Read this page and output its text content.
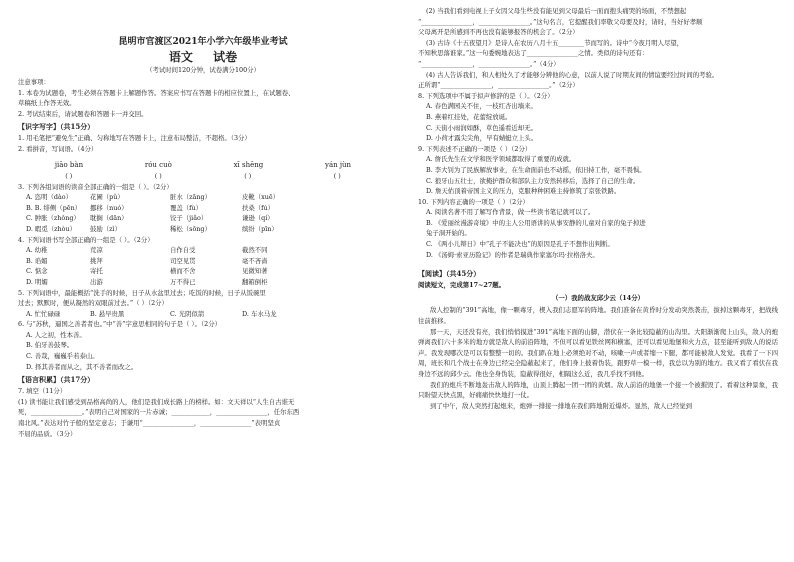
昆明市官渡区2021年小学六年级毕业考试
语文 试卷
（考试时间120分钟，试卷满分100分）
注意事项：
1. 本卷为试题卷，考生必须在答题卡上解题作答。答案应书写在答题卡的相应位置上，在试题卷、
草稿纸上作答无效。
2. 考试结束后，请试题卷和答题卡一并交回。
【识字写字】（共15分）
1. 用毛笔把“避免生”正确、匀称地写在答题卡上，注意布局整洁，不超格。（3分）
2. 看拼音，写词语。（4分）
jiāo bàn	róu cuò	xī shēng	yán jùn
( )	( )	( )	( )
3. 下列各组词语的读音全部正确的一组是（ ）。（2分）
A. 恣明（dào）	花圃（pǔ）	脏水（zāng）	皮靴（xuē）
B. B. 绯侧（pēn）	挪移（nuó）	覆盖（fù）	扶桑（fú）
C. 肿胀（zhǒng）	耽搁（dān）	饺子（jiǎo）	谦逊（qí）
D. 暇觅（zhòu）	鼓励（zì）	稀松（sōng）	缤纷（pīn）
4. 下列词语书写全部正确的一组是（ ）。（2分）
A. 幼稚	荒凉	自作自受	截然不同
B. 谄媚	挑拜	司空见贯	毫不吝啬
C. 惦念	寄托	横而不舍	见微知著
D. 明媚	出游	万不得已	翻箱倒柜
5. 下列词语中，最能概括“洗手的时候，日子从水盆里过去；吃饭的时候，日子从饭碗里
过去；默默时，便从凝然的双眼前过去。”（ ）（2分）
A. 忙忙碌碌	B. 悬早贵黑	C. 光阴似箭	D. 车水马龙
6. 与“苏秋，逼国之善者者也。”中“善”字意思相同的句子是（ ）。（2分）
A. 人之初，性本善。
B. 伯牙善鼓琴。
C. 善哉，巍巍乎若泰山。
D. 择其善者而从之，其不善者而改之。
【语言积累】（共17分）
7. 填空（11分）
(1) 读书能让我们感受到品格高尚的人，他们是我们成长路上的榜样。如：文天祥以“人生自古谁无
死，________________。”表明自己对国家的一片赤诚；____________，________________，任尔东西
南北风。”表达对竹子般的坚定意志；于谦用“________________，________________”表明坚贞
不屈的品质。（3分）
(2) 当我们看到电视上子女因父母生些没有能见到父母最后一面而抱头痛哭的场面，不禁想起
“________________，________________。”这句名言，它提醒我们率敬父母要及时，请时，当好好孝顺
父母离开是所感到不再也没有能够报答的机会了。（2分）
(3) 古诗《十五夜望月》是诗人在农历八月十五________节而写的。诗中“今夜月明人尽望，
不知秋思落谁家。”这一句委婉地表达了________________之情。类似的诗句还有：
“________________，________________。”（4分）
(4) 古人告诉我们，和人相处久了才能够分辨他的心意，以前人说了时期友间的情谊要经过时间的考验。
正所谓“________________，________________。”（2分）
8. 下列选项中不属于拟声修辞的是（ ）。（2分）
A. 春色满园关不住，一枝红杏出墙来。
B. 燕着红挂处，花蕾绽放诞。
C. 天街小雨润如酥，草色遥看近却无。
D. 小荷才露尖尖角，早有蜻蜓立上头。
9. 下列表述不正确的一项是（ ）（2分）
A. 詹氏先生在文学和医学领域都取得了重要的成就。
B. 李大钊为了民族解放事业，在生命面前也不动摇，依旧持工作，毫不畏惧。
C. 狼牙山五壮士，欲掩护群众和部队主力安然转移后，选择了自己的生命。
D. 詹天佑顶着帝国主义的压力，克服种种困难主持修筑了京张铁路。
10. 下列内容正确的一项是（ ）（2分）
A. 阅读名著不用了解写作背景，做一些读书笔记就可以了。
B. 《爱丽丝漫游奇境》中的主人公用语讲的从事安静的儿童对自家的兔子掉进
兔子洞开始的。
C. 《两小儿辩日》中“孔子不能决也”的原因是孔子不想作出判断。
D. 《汤姆·索亚历险记》的作者是瑞典作家塞尔玛·拉格洛夫。
【阅读】（共45分）
阅读短文，完成第17~27题。
（一）我的战友邱少云（14分）
敌人控制的“391”高地，像一颗毒牙，楔入我们志愿军的阵地。我们准备在黄昏时分发动突然袭击，拔掉这颗毒牙，把战线往前推移。
那一天，天还没有亮，我们悄悄摸进“391”高地下面的山脚，潜伏在一条比较隐蔽的山沟里。大阳渐渐爬上山头，敌人的炮弹离我们六十多米的地方就是敌人的前沿阵地，不但可以看见铁丝网和横塞，还可以看见地堡和火力点，甚至能听到敌人的说话声。我发现哪次是可以有整整一切的。我们趴在地上必须绝对不动，咳嗽一声或者缩一下腿，都可能被敌人发觉。我看了一下四周，班长和几个战士在身边已经完全隐蔽起来了，他们身上披着伪装，跟野草一模一样，我总以为别的地方。我又看了看伏在我身边不远的邱少云。他也全身伪装，隐蔽得很好，相隔这么近，我几乎找不到他。
我们的炮兵不断地轰击敌人的阵地，山顶上腾起一团一团的黄烟。敌人前沿的地堡一个接一个被摧毁了。看着这种景象，我只盼望天快点黑，好痛痛快快地打一仗。
到了中午，敌人突然打起炮来，炮弹一排接一排地在我们阵地附近爆炸。显然，敌人已经觉到
